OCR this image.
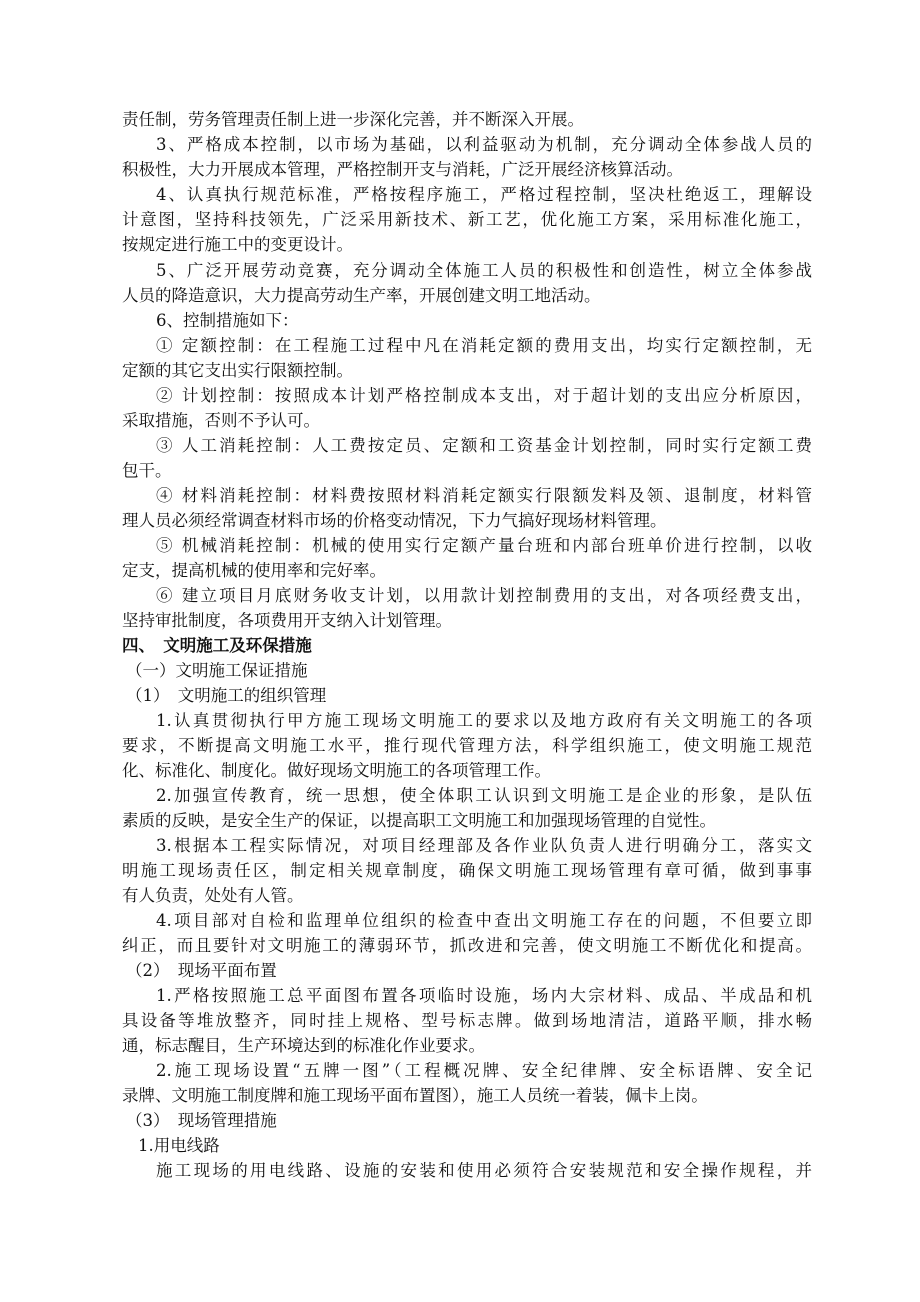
责任制，劳务管理责任制上进一步深化完善，并不断深入开展。
3、严格成本控制，以市场为基础，以利益驱动为机制，充分调动全体参战人员的
积极性，大力开展成本管理，严格控制开支与消耗，广泛开展经济核算活动。
4、认真执行规范标准，严格按程序施工，严格过程控制，坚决杜绝返工，理解设
计意图，坚持科技领先，广泛采用新技术、新工艺，优化施工方案，采用标准化施工，
按规定进行施工中的变更设计。
5、广泛开展劳动竞赛，充分调动全体施工人员的积极性和创造性，树立全体参战
人员的降造意识，大力提高劳动生产率，开展创建文明工地活动。
6、控制措施如下：
① 定额控制：在工程施工过程中凡在消耗定额的费用支出，均实行定额控制，无
定额的其它支出实行限额控制。
② 计划控制：按照成本计划严格控制成本支出，对于超计划的支出应分析原因，
采取措施，否则不予认可。
③ 人工消耗控制：人工费按定员、定额和工资基金计划控制，同时实行定额工费
包干。
④ 材料消耗控制：材料费按照材料消耗定额实行限额发料及领、退制度，材料管
理人员必须经常调查材料市场的价格变动情况，下力气搞好现场材料管理。
⑤ 机械消耗控制：机械的使用实行定额产量台班和内部台班单价进行控制，以收
定支，提高机械的使用率和完好率。
⑥ 建立项目月底财务收支计划，以用款计划控制费用的支出，对各项经费支出，
坚持审批制度，各项费用开支纳入计划管理。
四、　文明施工及环保措施
（一）文明施工保证措施
（1）　文明施工的组织管理
1.认真贯彻执行甲方施工现场文明施工的要求以及地方政府有关文明施工的各项
要求，不断提高文明施工水平，推行现代管理方法，科学组织施工，使文明施工规范
化、标准化、制度化。做好现场文明施工的各项管理工作。
2.加强宣传教育，统一思想，使全体职工认识到文明施工是企业的形象，是队伍
素质的反映，是安全生产的保证，以提高职工文明施工和加强现场管理的自觉性。
3.根据本工程实际情况，对项目经理部及各作业队负责人进行明确分工，落实文
明施工现场责任区，制定相关规章制度，确保文明施工现场管理有章可循，做到事事
有人负责，处处有人管。
4.项目部对自检和监理单位组织的检查中查出文明施工存在的问题，不但要立即
纠正，而且要针对文明施工的薄弱环节，抓改进和完善，使文明施工不断优化和提高。
（2）　现场平面布置
1.严格按照施工总平面图布置各项临时设施，场内大宗材料、成品、半成品和机
具设备等堆放整齐，同时挂上规格、型号标志牌。做到场地清洁，道路平顺，排水畅
通，标志醒目，生产环境达到的标准化作业要求。
2.施工现场设置“五牌一图”（工程概况牌、安全纪律牌、安全标语牌、安全记
录牌、文明施工制度牌和施工现场平面布置图），施工人员统一着装，佩卡上岗。
（3）　现场管理措施
1.用电线路
施工现场的用电线路、设施的安装和使用必须符合安装规范和安全操作规程，并
